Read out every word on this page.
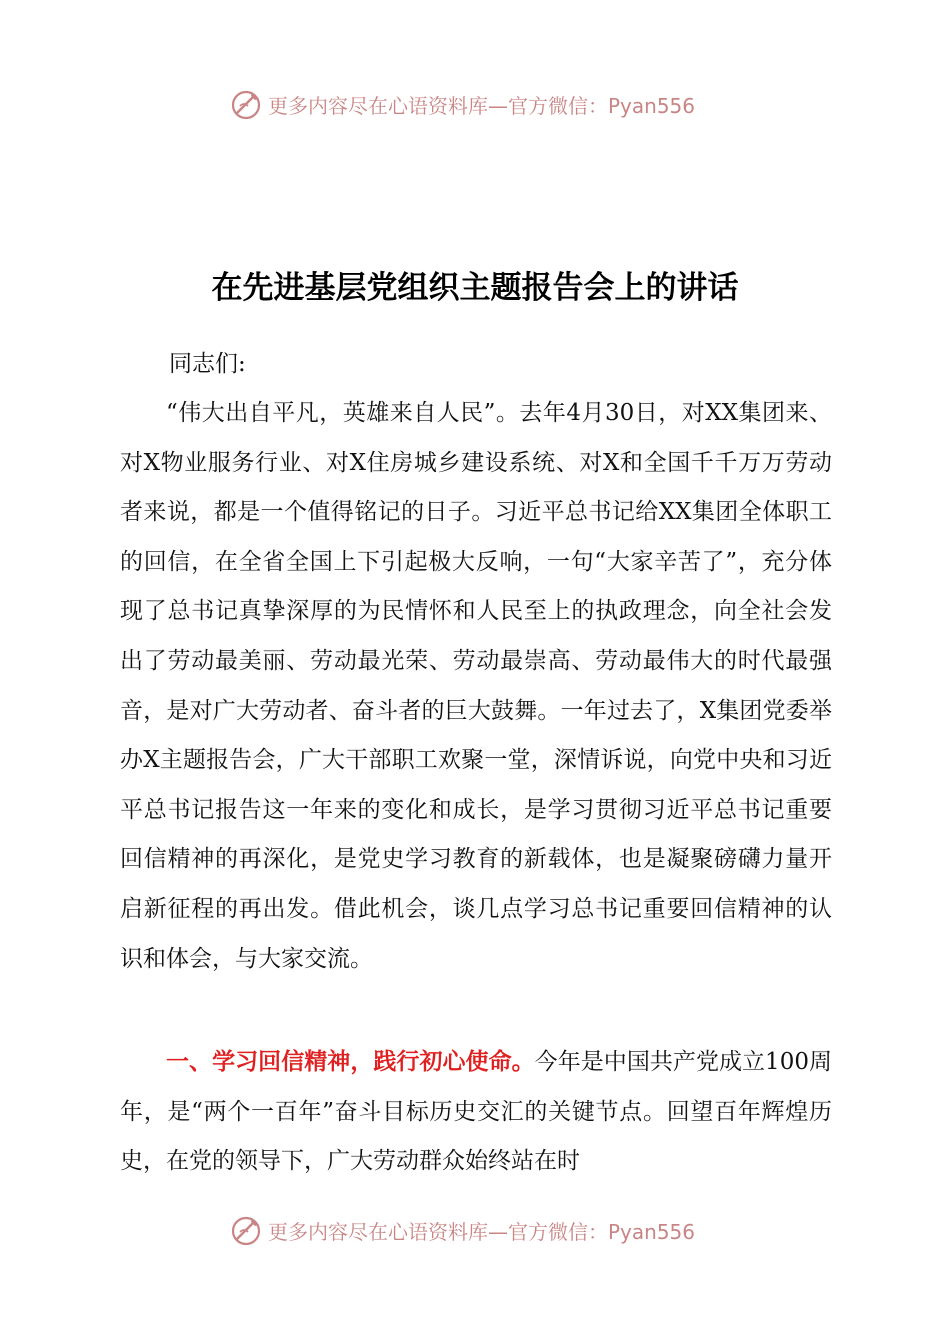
更多内容尽在心语资料库—官方微信：Pyan556
在先进基层党组织主题报告会上的讲话
同志们:

“伟大出自平凡，英雄来自人民”。去年4月30日，对XX集团来、对X物业服务行业、对X住房城乡建设系统、对X和全国千千万万劳动者来说，都是一个值得铭记的日子。习近平总书记给XX集团全体职工的回信，在全省全国上下引起极大反响，一句“大家辛苦了”，充分体现了总书记真挚深厚的为民情怀和人民至上的执政理念，向全社会发出了劳动最美丽、劳动最光荣、劳动最崇高、劳动最伟大的时代最强音，是对广大劳动者、奋斗者的巨大鼓舞。一年过去了，X集团党委举办X主题报告会，广大干部职工欢聚一堂，深情诉说，向党中央和习近平总书记报告这一年来的变化和成长，是学习贯彻习近平总书记重要回信精神的再深化，是党史学习教育的新载体，也是凝聚磅礴力量开启新征程的再出发。借此机会，谈几点学习总书记重要回信精神的认识和体会，与大家交流。

一、学习回信精神，践行初心使命。今年是中国共产党成立100周年，是“两个一百年”奋斗目标历史交汇的关键节点。回望百年辉煌历史，在党的领导下，广大劳动群众始终站在时

更多内容尽在心语资料库—官方微信：Pyan556
